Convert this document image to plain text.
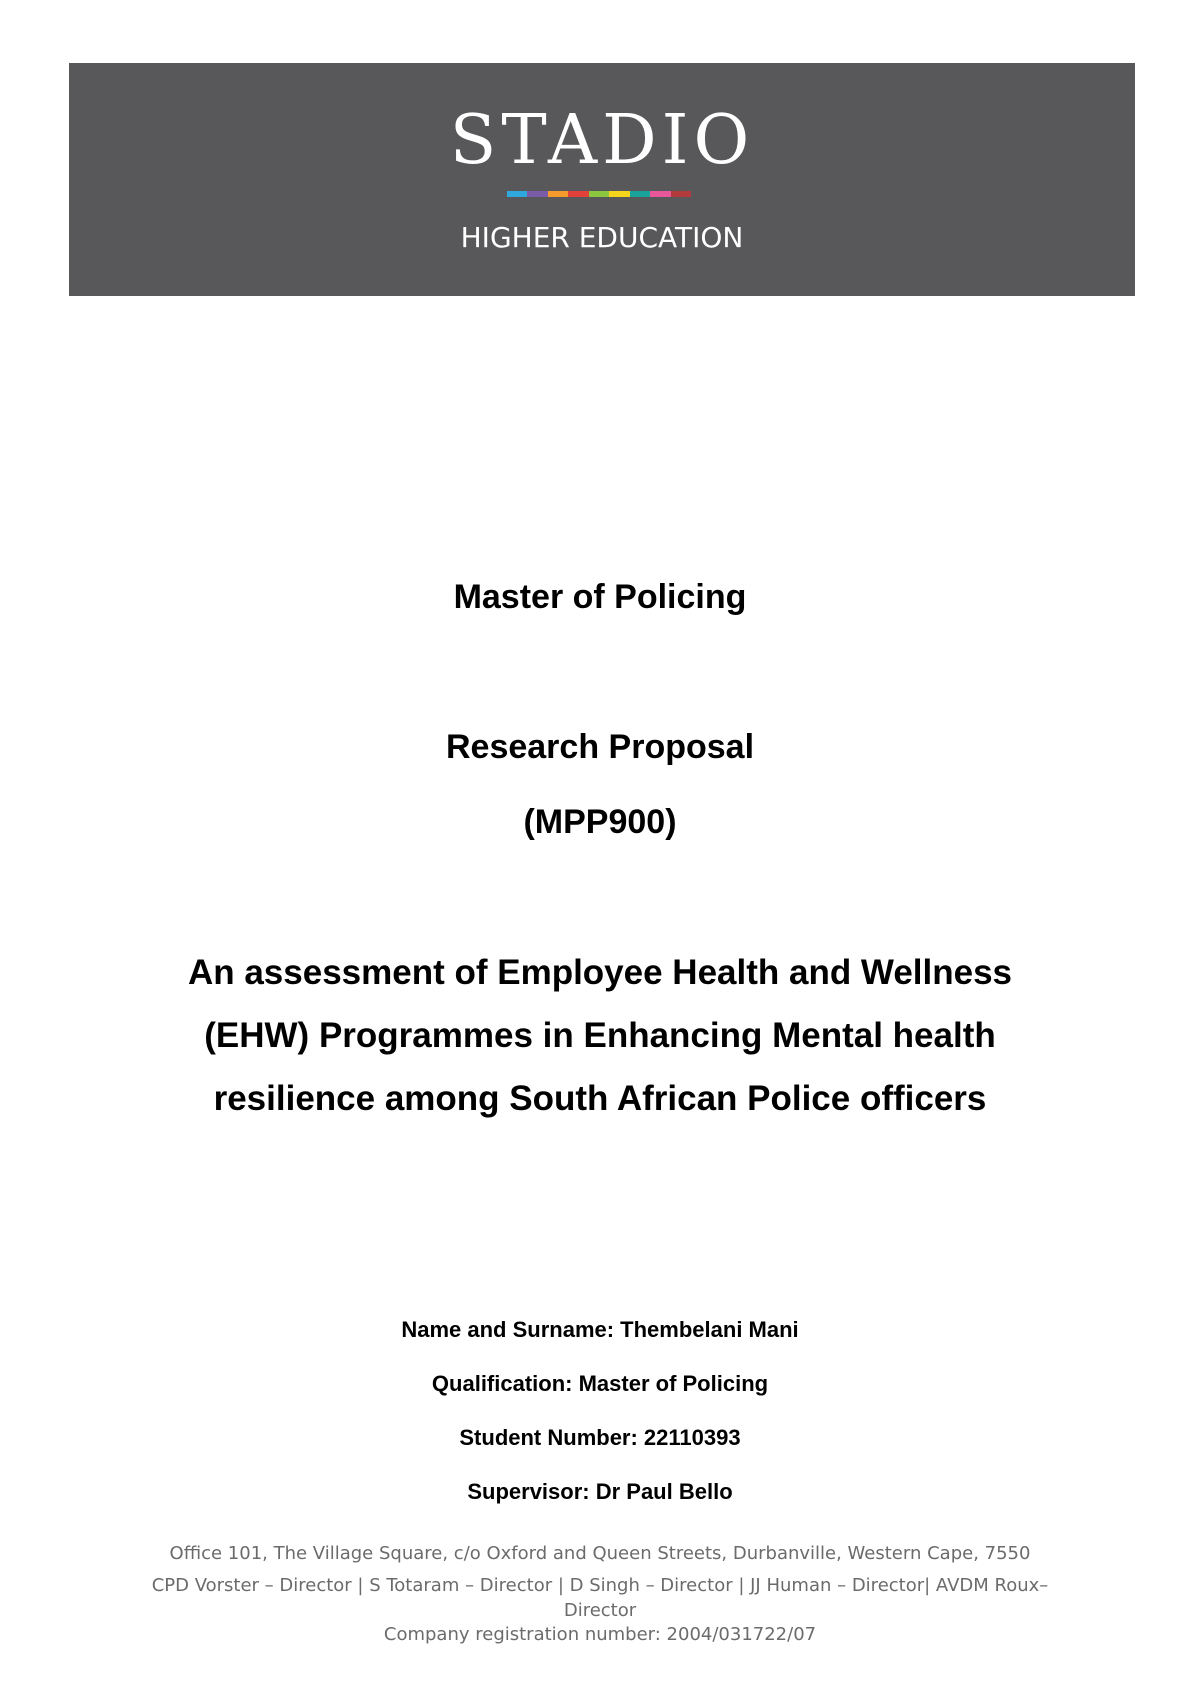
STADIO
HIGHER EDUCATION

Master of Policing

Research Proposal

(MPP900)

An assessment of Employee Health and Wellness

(EHW) Programmes in Enhancing Mental health

resilience among South African Police officers

Name and Surname: Thembelani Mani

Qualification: Master of Policing

Student Number: 22110393

Supervisor: Dr Paul Bello

Office 101, The Village Square, c/o Oxford and Queen Streets, Durbanville, Western Cape, 7550

CPD Vorster – Director | S Totaram – Director | D Singh – Director | JJ Human – Director| AVDM Roux–

Director

Company registration number: 2004/031722/07
